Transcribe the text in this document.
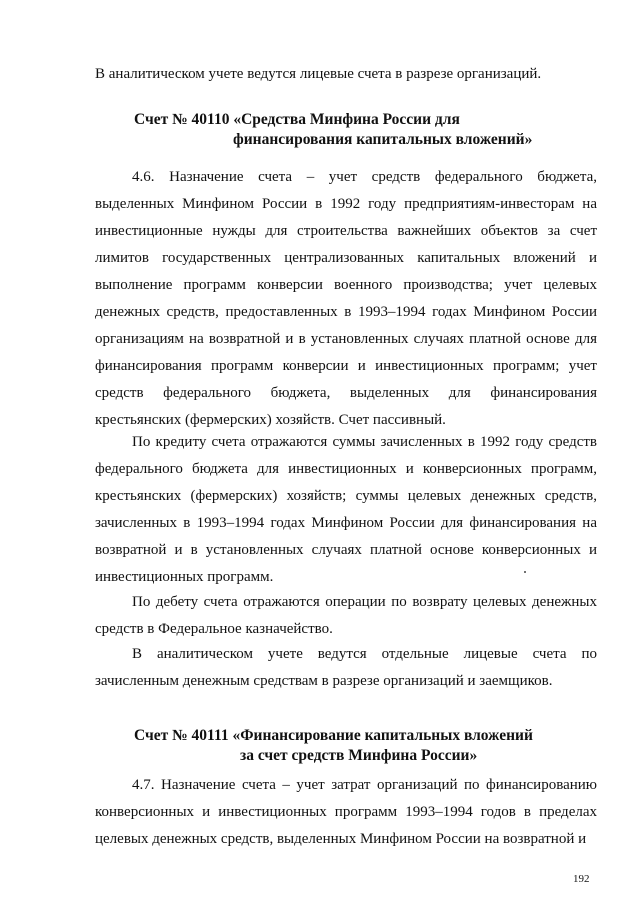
В аналитическом учете ведутся лицевые счета в разрезе организаций.
Счет № 40110 «Средства Минфина России для
финансирования капитальных вложений»
4.6. Назначение счета – учет средств федерального бюджета, выделенных Минфином России в 1992 году предприятиям-инвесторам на инвестиционные нужды для строительства важнейших объектов за счет лимитов государственных централизованных капитальных вложений и выполнение программ конверсии военного производства; учет целевых денежных средств, предоставленных в 1993–1994 годах Минфином России организациям на возвратной и в установленных случаях платной основе для финансирования программ конверсии и инвестиционных программ; учет средств федерального бюджета, выделенных для финансирования крестьянских (фермерских) хозяйств. Счет пассивный.
По кредиту счета отражаются суммы зачисленных в 1992 году средств федерального бюджета для инвестиционных и конверсионных программ, крестьянских (фермерских) хозяйств; суммы целевых денежных средств, зачисленных в 1993–1994 годах Минфином России для финансирования на возвратной и в установленных случаях платной основе конверсионных и инвестиционных программ.
По дебету счета отражаются операции по возврату целевых денежных средств в Федеральное казначейство.
В аналитическом учете ведутся отдельные лицевые счета по зачисленным денежным средствам в разрезе организаций и заемщиков.
Счет № 40111 «Финансирование капитальных вложений
за счет средств Минфина России»
4.7. Назначение счета – учет затрат организаций по финансированию конверсионных и инвестиционных программ 1993–1994 годов в пределах целевых денежных средств, выделенных Минфином России на возвратной и
192
